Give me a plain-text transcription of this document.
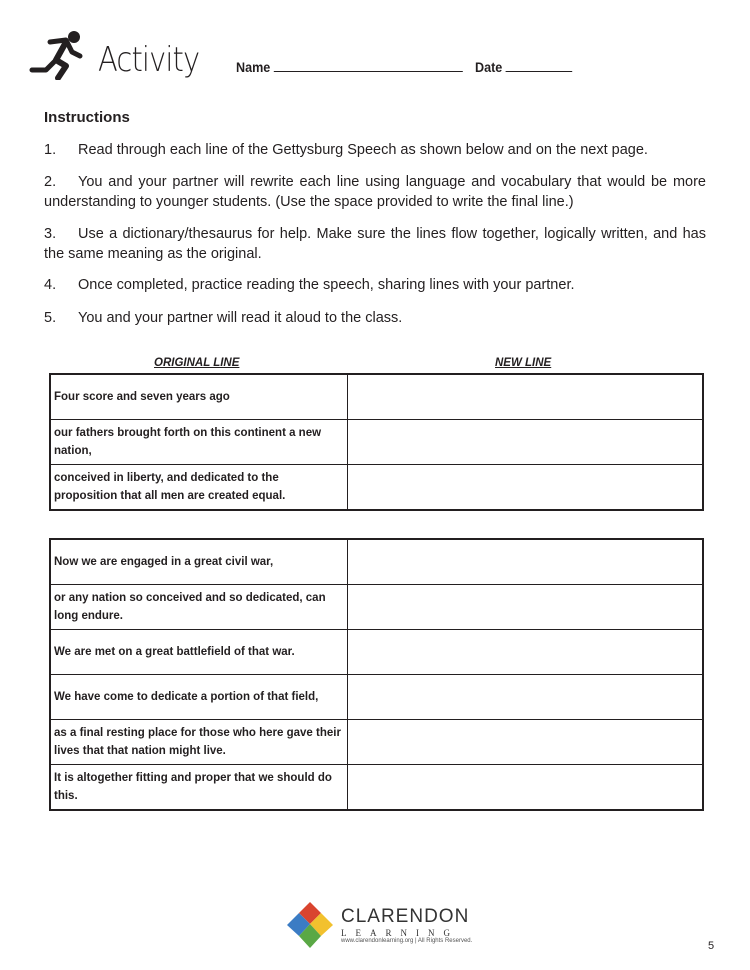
Activity	Name	Date
Instructions
1. Read through each line of the Gettysburg Speech as shown below and on the next page.
2. You and your partner will rewrite each line using language and vocabulary that would be more understanding to younger students. (Use the space provided to write the final line.)
3. Use a dictionary/thesaurus for help. Make sure the lines flow together, logically written, and has the same meaning as the original.
4. Once completed, practice reading the speech, sharing lines with your partner.
5. You and your partner will read it aloud to the class.
ORIGINAL LINE	NEW LINE
Four score and seven years ago	
our fathers brought forth on this continent a new nation,	
conceived in liberty, and dedicated to the proposition that all men are created equal.	
Now we are engaged in a great civil war,	
or any nation so conceived and so dedicated, can long endure.	
We are met on a great battlefield of that war.	
We have come to dedicate a portion of that field,	
as a final resting place for those who here gave their lives that that nation might live.	
It is altogether fitting and proper that we should do this.	
CLARENDON
LEARNING
www.clarendonlearning.org | All Rights Reserved.	5
